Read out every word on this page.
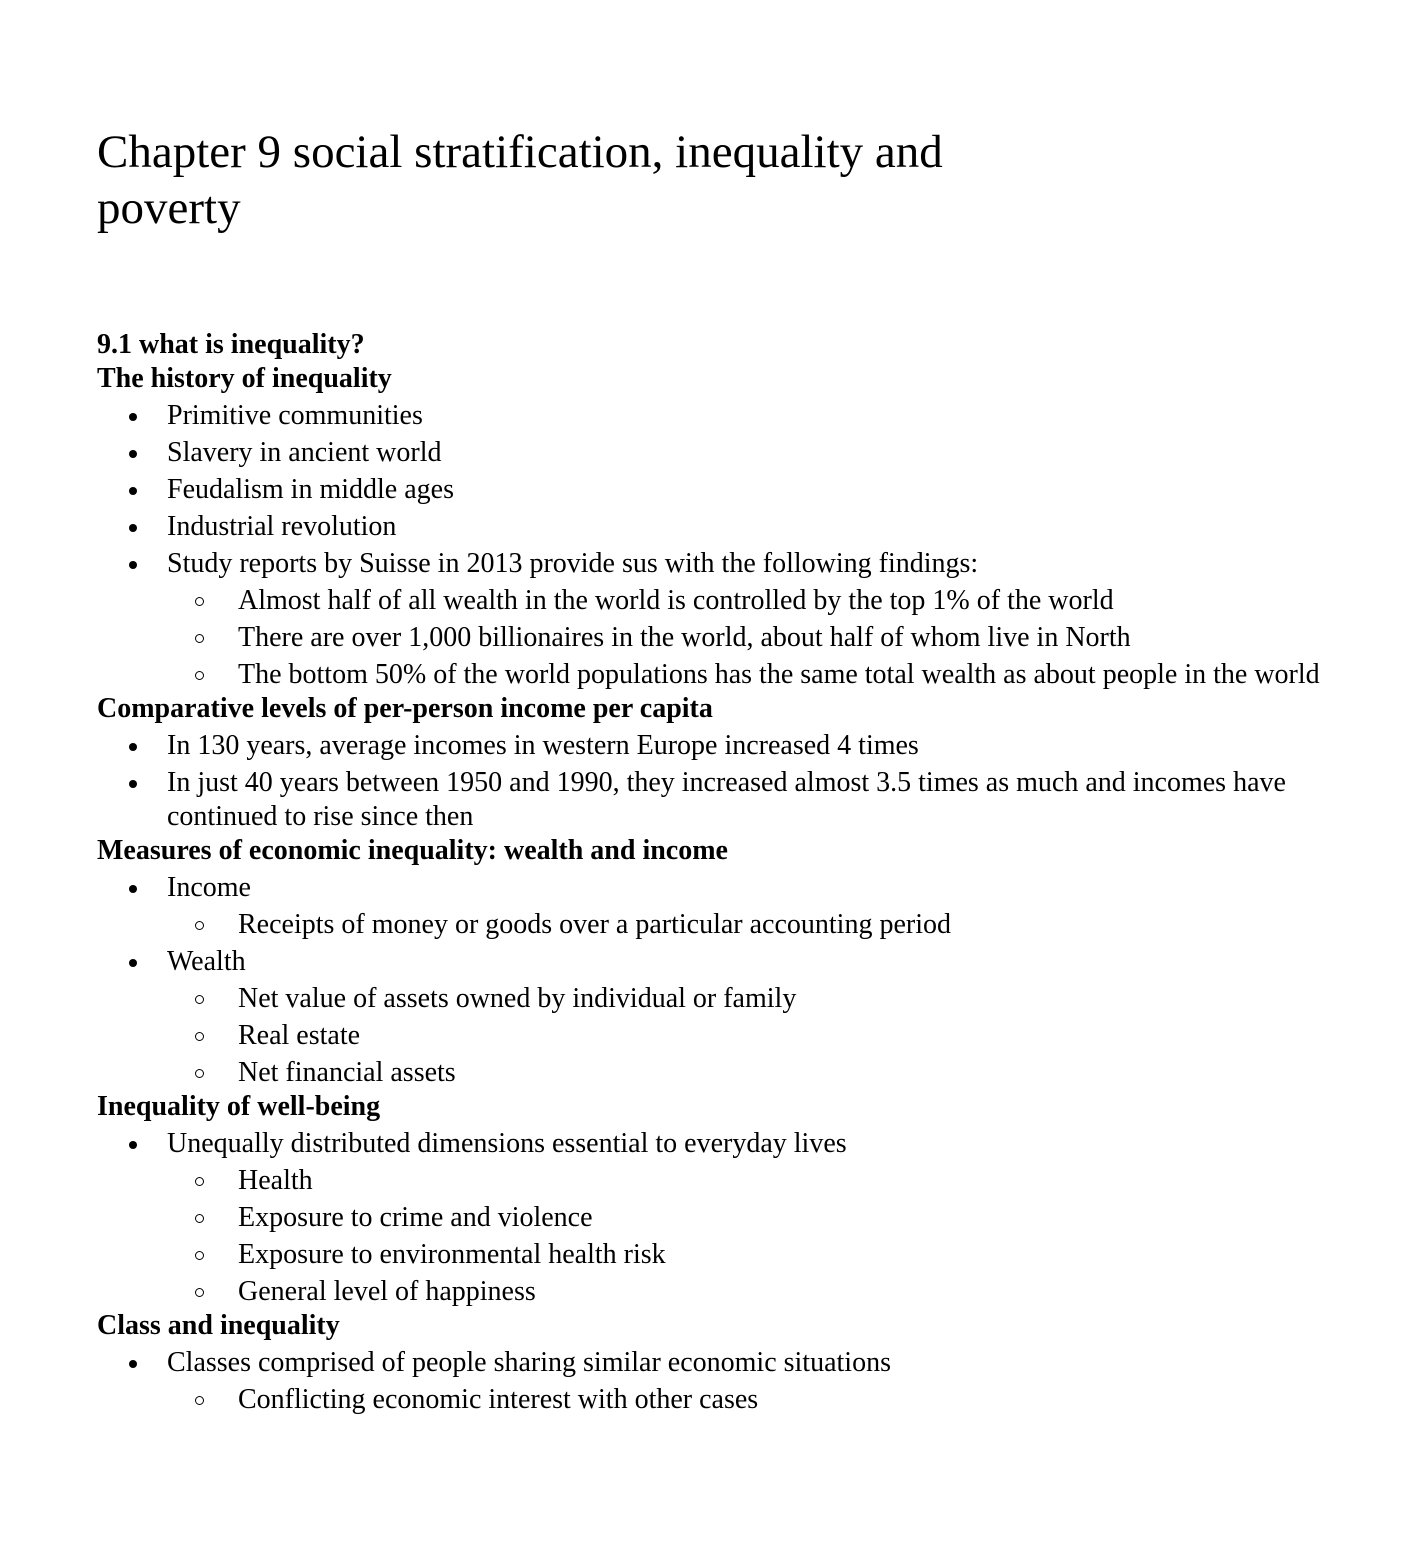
Chapter 9 social stratification, inequality and poverty
9.1 what is inequality?
The history of inequality
Primitive communities
Slavery in ancient world
Feudalism in middle ages
Industrial revolution
Study reports by Suisse in 2013 provide sus with the following findings:
Almost half of all wealth in the world is controlled by the top 1% of the world
There are over 1,000 billionaires in the world, about half of whom live in North
The bottom 50% of the world populations has the same total wealth as about people in the world
Comparative levels of per-person income per capita
In 130 years, average incomes in western Europe increased 4 times
In just 40 years between 1950 and 1990, they increased almost 3.5 times as much and incomes have continued to rise since then
Measures of economic inequality: wealth and income
Income
Receipts of money or goods over a particular accounting period
Wealth
Net value of assets owned by individual or family
Real estate
Net financial assets
Inequality of well-being
Unequally distributed dimensions essential to everyday lives
Health
Exposure to crime and violence
Exposure to environmental health risk
General level of happiness
Class and inequality
Classes comprised of people sharing similar economic situations
Conflicting economic interest with other cases
